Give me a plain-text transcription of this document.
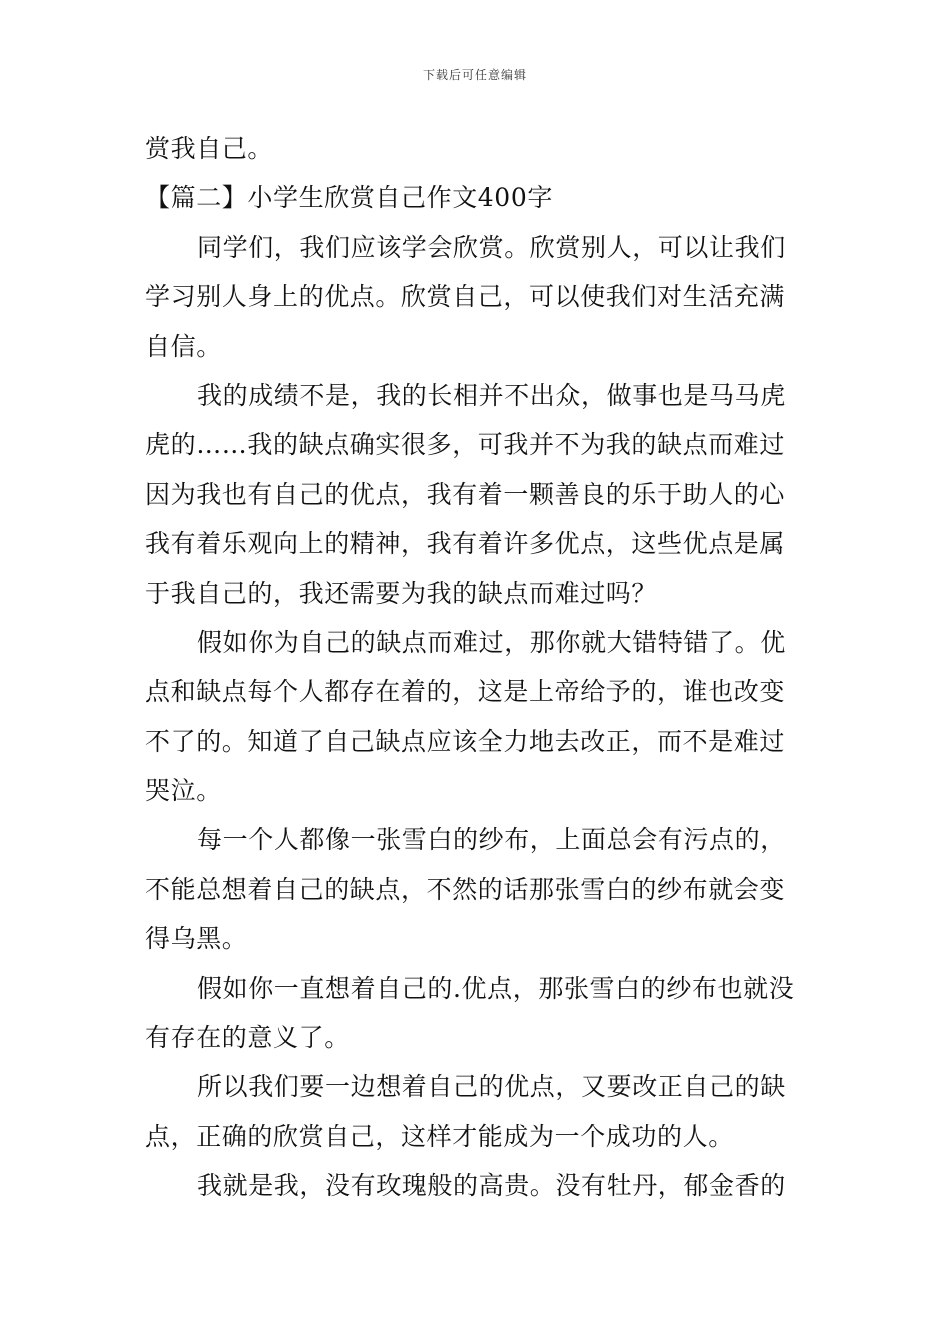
下载后可任意编辑
赏我自己。
【篇二】小学生欣赏自己作文400字
同学们，我们应该学会欣赏。欣赏别人，可以让我们
学习别人身上的优点。欣赏自己，可以使我们对生活充满
自信。
我的成绩不是，我的长相并不出众，做事也是马马虎
虎的……我的缺点确实很多，可我并不为我的缺点而难过
因为我也有自己的优点，我有着一颗善良的乐于助人的心
我有着乐观向上的精神，我有着许多优点，这些优点是属
于我自己的，我还需要为我的缺点而难过吗？
假如你为自己的缺点而难过，那你就大错特错了。优
点和缺点每个人都存在着的，这是上帝给予的，谁也改变
不了的。知道了自己缺点应该全力地去改正，而不是难过
哭泣。
每一个人都像一张雪白的纱布，上面总会有污点的，
不能总想着自己的缺点，不然的话那张雪白的纱布就会变
得乌黑。
假如你一直想着自己的.优点，那张雪白的纱布也就没
有存在的意义了。
所以我们要一边想着自己的优点，又要改正自己的缺
点，正确的欣赏自己，这样才能成为一个成功的人。
我就是我，没有玫瑰般的高贵。没有牡丹，郁金香的
